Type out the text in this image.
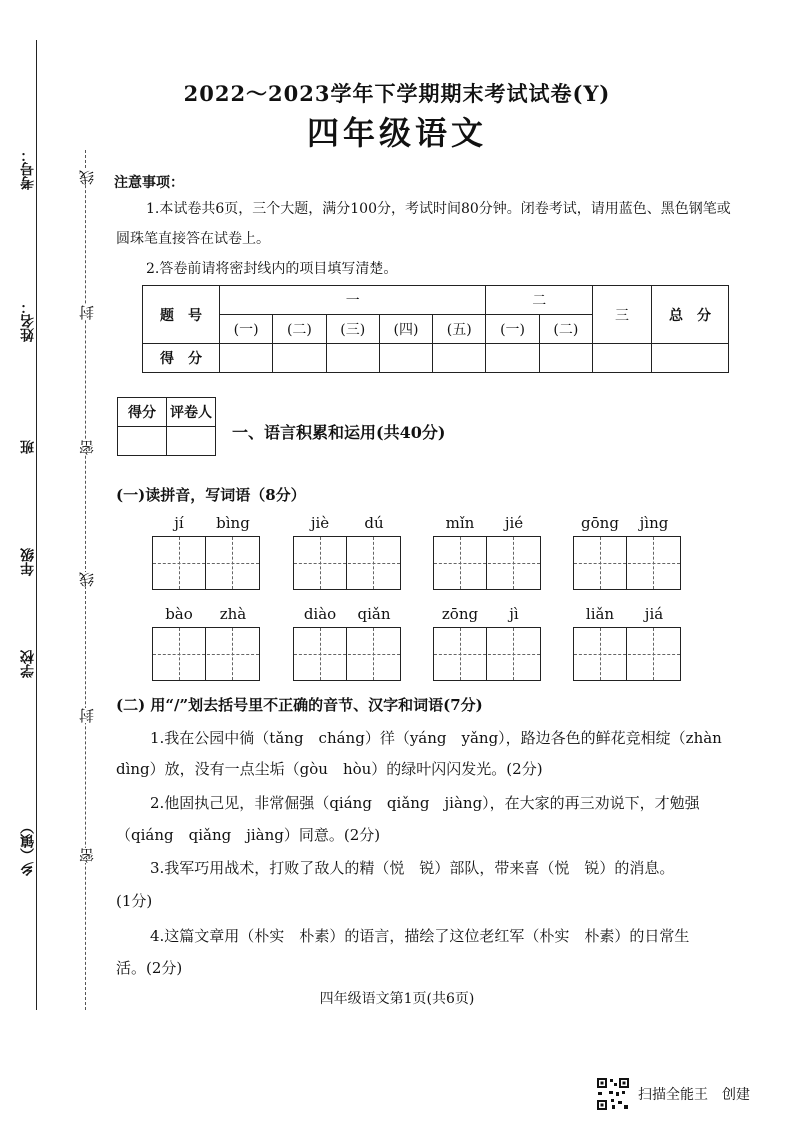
考号：
姓名：
班
年级
学校
乡（镇）
线
封
密
线
封
密
2022～2023学年下学期期末考试试卷(Y)
四年级语文
注意事项：
1.本试卷共6页，三个大题，满分100分，考试时间80分钟。闭卷考试，请用蓝色、黑色钢笔或
圆珠笔直接答在试卷上。
2.答卷前请将密封线内的项目填写清楚。
题　号	一					二		三	总　分
	(一)	(二)	(三)	(四)	(五)	(一)	(二)		
得　分									
得分	评卷人

一、语言积累和运用(共40分)
(一)读拼音，写词语（8分）
jí	bìng	jiè	dú	mǐn	jié	gōng	jìng
bào	zhà	diào	qiǎn	zōng	jì	liǎn	jiá
(二) 用“/”划去括号里不正确的音节、汉字和词语(7分)
1.我在公园中徜（tǎng　cháng）徉（yáng　yǎng），路边各色的鲜花竞相绽（zhàn
dìng）放，没有一点尘垢（gòu　hòu）的绿叶闪闪发光。(2分)
2.他固执己见，非常倔强（qiáng　qiǎng　jiàng），在大家的再三劝说下，才勉强
（qiáng　qiǎng　jiàng）同意。(2分)
3.我军巧用战术，打败了敌人的精（悦　锐）部队，带来喜（悦　锐）的消息。
(1分)
4.这篇文章用（朴实　朴素）的语言，描绘了这位老红军（朴实　朴素）的日常生
活。(2分)
四年级语文第1页(共6页)
扫描全能王　创建
